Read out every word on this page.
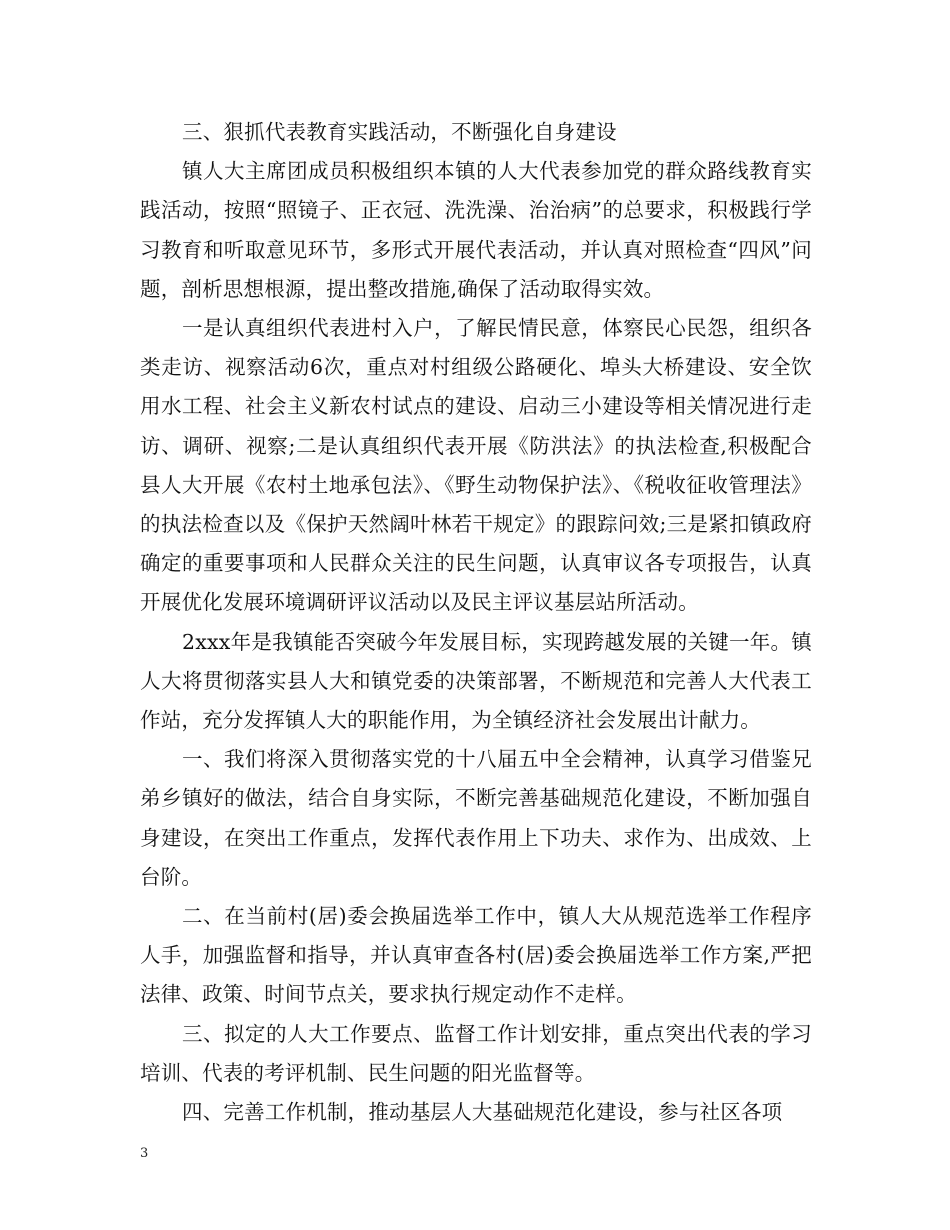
三、狠抓代表教育实践活动，不断强化自身建设

镇人大主席团成员积极组织本镇的人大代表参加党的群众路线教育实践活动，按照“照镜子、正衣冠、洗洗澡、治治病”的总要求，积极践行学习教育和听取意见环节，多形式开展代表活动，并认真对照检查“四风”问题，剖析思想根源，提出整改措施,确保了活动取得实效。

一是认真组织代表进村入户，了解民情民意，体察民心民怨，组织各类走访、视察活动6次，重点对村组级公路硬化、埠头大桥建设、安全饮用水工程、社会主义新农村试点的建设、启动三小建设等相关情况进行走访、调研、视察;二是认真组织代表开展《防洪法》的执法检查,积极配合县人大开展《农村土地承包法》、《野生动物保护法》、《税收征收管理法》的执法检查以及《保护天然阔叶林若干规定》的跟踪问效;三是紧扣镇政府确定的重要事项和人民群众关注的民生问题，认真审议各专项报告，认真开展优化发展环境调研评议活动以及民主评议基层站所活动。

2xxx年是我镇能否突破今年发展目标，实现跨越发展的关键一年。镇人大将贯彻落实县人大和镇党委的决策部署，不断规范和完善人大代表工作站，充分发挥镇人大的职能作用，为全镇经济社会发展出计献力。

一、我们将深入贯彻落实党的十八届五中全会精神，认真学习借鉴兄弟乡镇好的做法，结合自身实际，不断完善基础规范化建设，不断加强自身建设，在突出工作重点，发挥代表作用上下功夫、求作为、出成效、上台阶。

二、在当前村(居)委会换届选举工作中，镇人大从规范选举工作程序人手，加强监督和指导，并认真审查各村(居)委会换届选举工作方案,严把法律、政策、时间节点关，要求执行规定动作不走样。

三、拟定的人大工作要点、监督工作计划安排，重点突出代表的学习培训、代表的考评机制、民生问题的阳光监督等。

四、完善工作机制，推动基层人大基础规范化建设，参与社区各项

3
